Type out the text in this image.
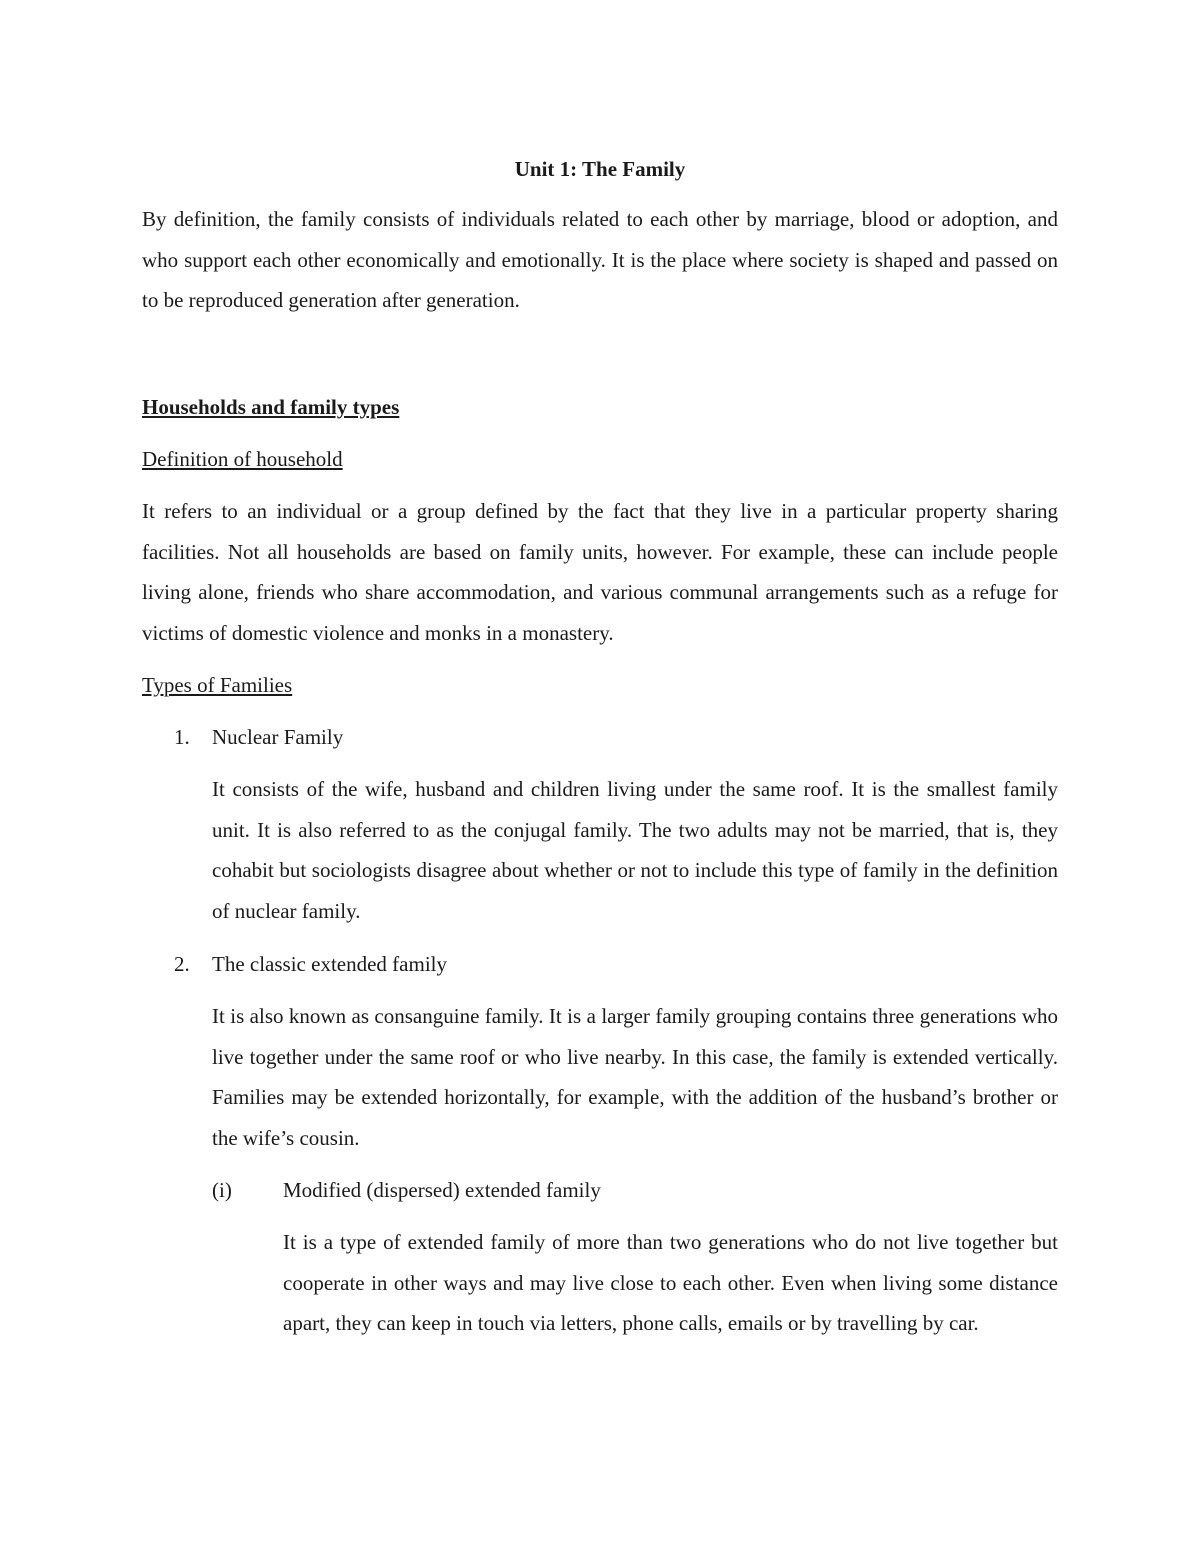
Unit 1: The Family

By definition, the family consists of individuals related to each other by marriage, blood or adoption, and who support each other economically and emotionally. It is the place where society is shaped and passed on to be reproduced generation after generation.

Households and family types
Definition of household

It refers to an individual or a group defined by the fact that they live in a particular property sharing facilities. Not all households are based on family units, however. For example, these can include people living alone, friends who share accommodation, and various communal arrangements such as a refuge for victims of domestic violence and monks in a monastery.

Types of Families
1. Nuclear Family

It consists of the wife, husband and children living under the same roof. It is the smallest family unit. It is also referred to as the conjugal family. The two adults may not be married, that is, they cohabit but sociologists disagree about whether or not to include this type of family in the definition of nuclear family.

2. The classic extended family

It is also known as consanguine family. It is a larger family grouping contains three generations who live together under the same roof or who live nearby. In this case, the family is extended vertically. Families may be extended horizontally, for example, with the addition of the husband’s brother or the wife’s cousin.

(i) Modified (dispersed) extended family

It is a type of extended family of more than two generations who do not live together but cooperate in other ways and may live close to each other. Even when living some distance apart, they can keep in touch via letters, phone calls, emails or by travelling by car.
